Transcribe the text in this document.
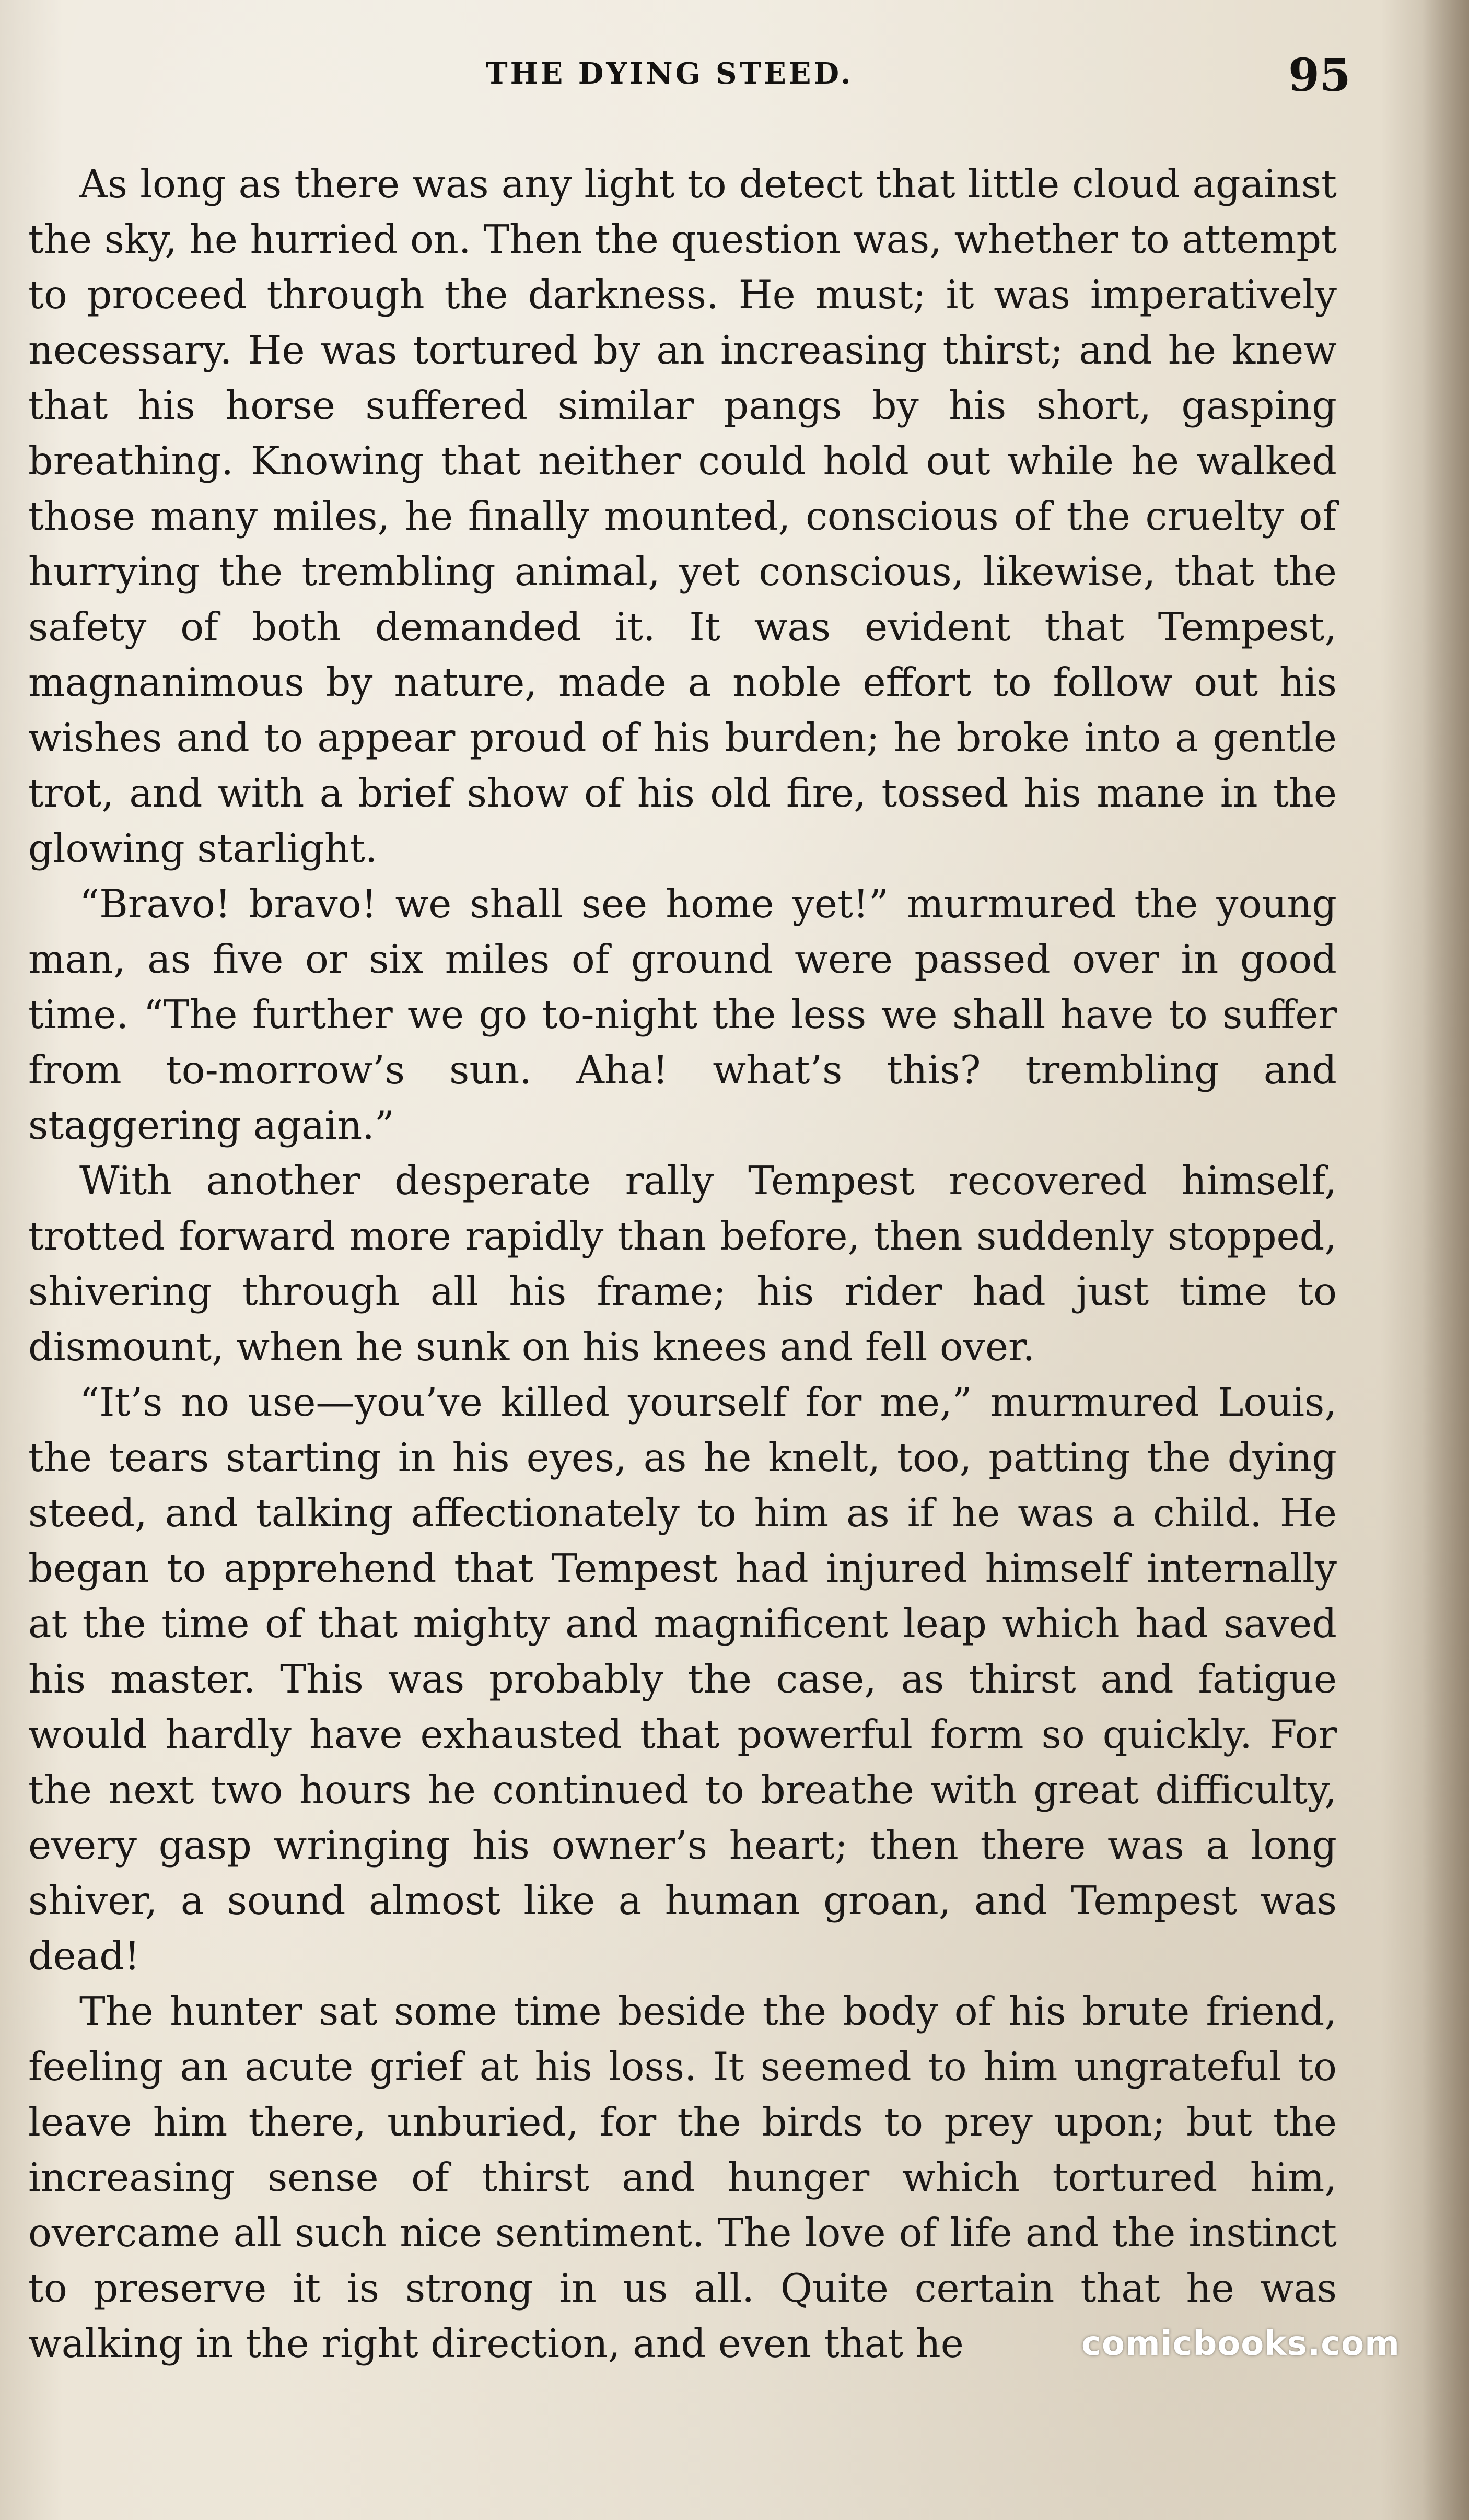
THE DYING STEED.	95

As long as there was any light to detect that little cloud against the sky, he hurried on. Then the question was, whether to attempt to proceed through the darkness. He must; it was imperatively necessary. He was tortured by an increasing thirst; and he knew that his horse suffered similar pangs by his short, gasping breathing. Knowing that neither could hold out while he walked those many miles, he finally mounted, conscious of the cruelty of hurrying the trembling animal, yet conscious, likewise, that the safety of both demanded it. It was evident that Tempest, magnanimous by nature, made a noble effort to follow out his wishes and to appear proud of his burden; he broke into a gentle trot, and with a brief show of his old fire, tossed his mane in the glowing starlight.

“Bravo! bravo! we shall see home yet!” murmured the young man, as five or six miles of ground were passed over in good time. “The further we go to-night the less we shall have to suffer from to-morrow’s sun. Aha! what’s this? trembling and staggering again.”

With another desperate rally Tempest recovered himself, trotted forward more rapidly than before, then suddenly stopped, shivering through all his frame; his rider had just time to dismount, when he sunk on his knees and fell over.

“It’s no use—you’ve killed yourself for me,” murmured Louis, the tears starting in his eyes, as he knelt, too, patting the dying steed, and talking affectionately to him as if he was a child. He began to apprehend that Tempest had injured himself internally at the time of that mighty and magnificent leap which had saved his master. This was probably the case, as thirst and fatigue would hardly have exhausted that powerful form so quickly. For the next two hours he continued to breathe with great difficulty, every gasp wringing his owner’s heart; then there was a long shiver, a sound almost like a human groan, and Tempest was dead!

The hunter sat some time beside the body of his brute friend, feeling an acute grief at his loss. It seemed to him ungrateful to leave him there, unburied, for the birds to prey upon; but the increasing sense of thirst and hunger which tortured him, overcame all such nice sentiment. The love of life and the instinct to preserve it is strong in us all. Quite certain that he was walking in the right direction, and even that he	comicbooks.com
